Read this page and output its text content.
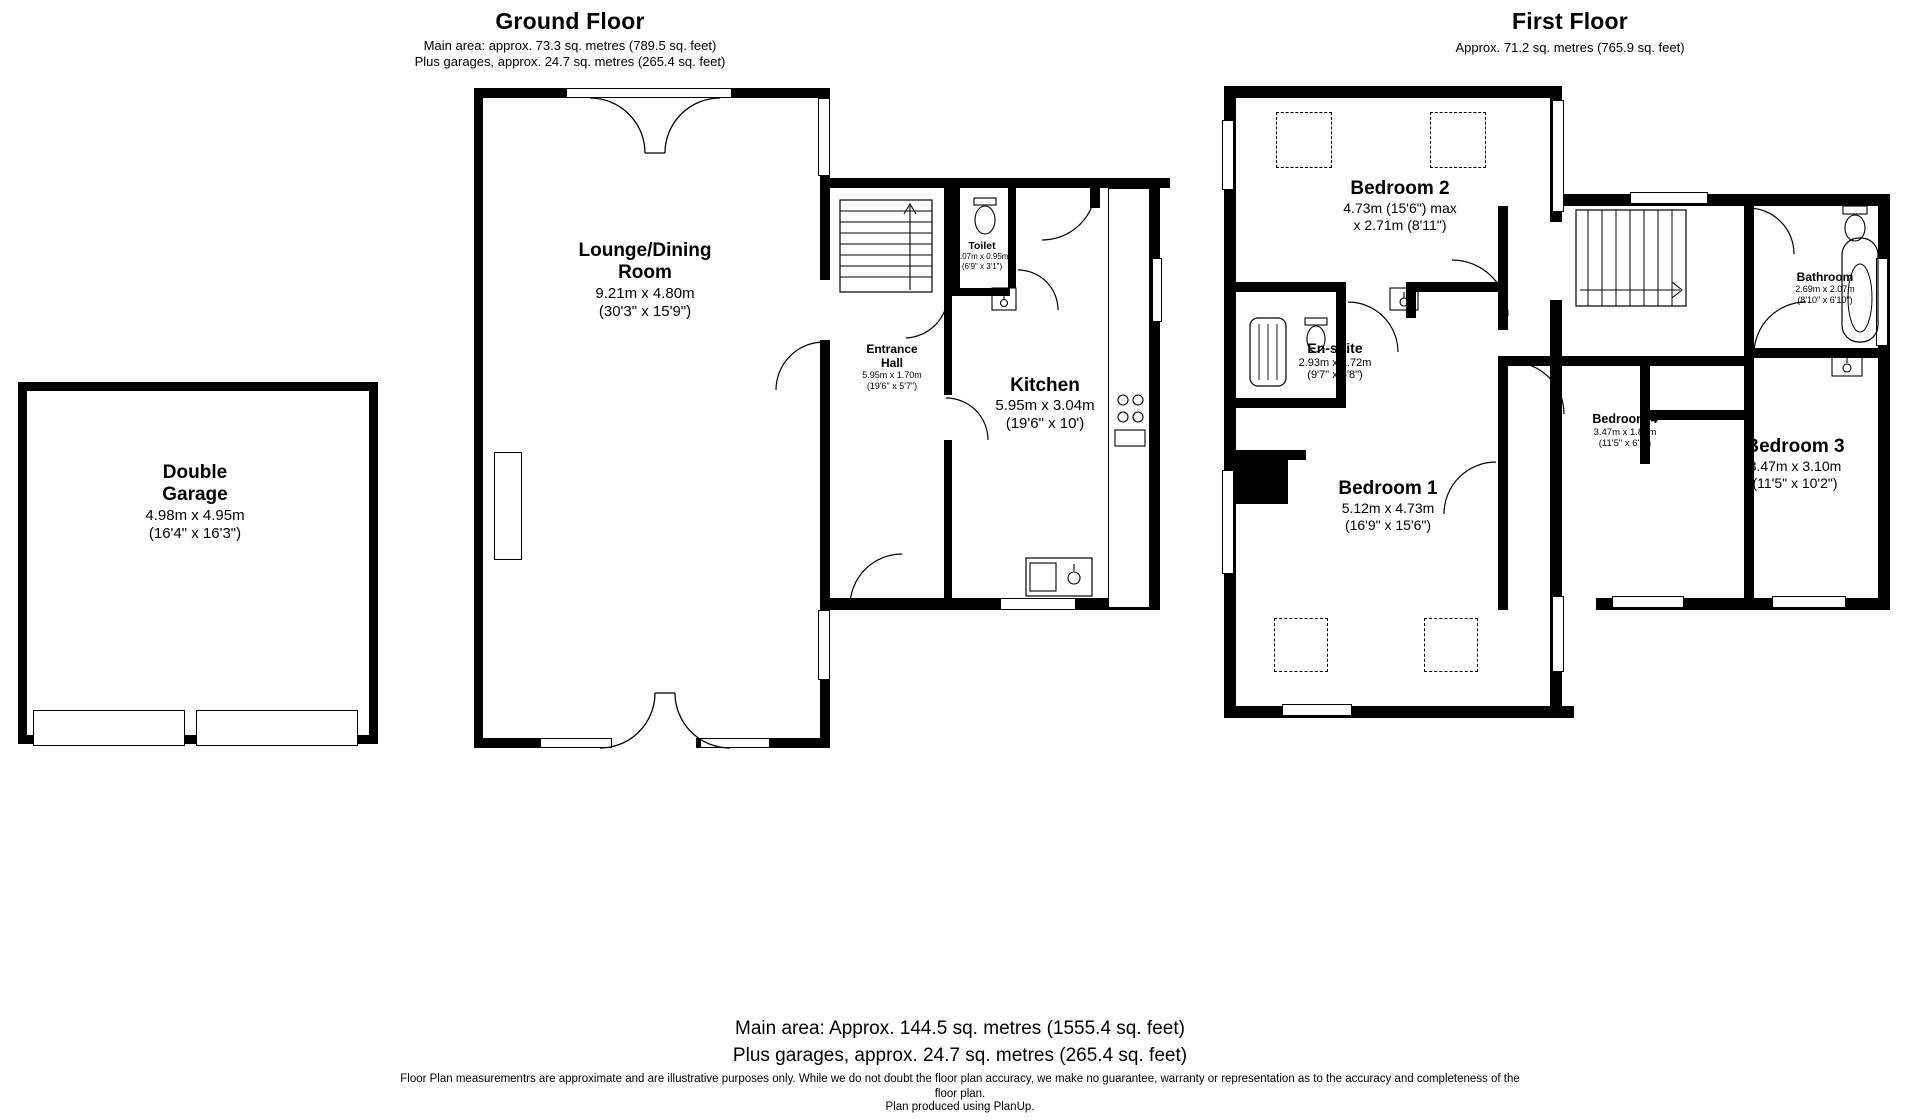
Ground Floor
Main area: approx. 73.3 sq. metres (789.5 sq. feet)
Plus garages, approx. 24.7 sq. metres (265.4 sq. feet)
First Floor
Approx. 71.2 sq. metres (765.9 sq. feet)
Double
Garage
4.98m x 4.95m
(16'4" x 16'3")
Lounge/Dining
Room
9.21m x 4.80m
(30'3" x 15'9")
Entrance
Hall
5.95m x 1.70m
(19'6" x 5'7")	Kitchen
5.95m x 3.04m
(19'6" x 10')
Toilet
2.07m x 0.95m
(6'9" x 3'1")
Bedroom 2
4.73m (15'6") max
x 2.71m (8'11")
Bathroom
2.69m x 2.07m
(8'10" x 6'10")
En-suite
2.93m x 1.72m
(9'7" x 5'8")
Bedroom 4
3.47m x 1.86m
(11'5" x 6'1")	Bedroom 3
3.47m x 3.10m
(11'5" x 10'2")
Bedroom 1
5.12m x 4.73m
(16'9" x 15'6")
Main area: Approx. 144.5 sq. metres (1555.4 sq. feet)
Plus garages, approx. 24.7 sq. metres (265.4 sq. feet)
Floor Plan measurementrs are approximate and are illustrative purposes only. While we do not doubt the floor plan accuracy, we make no guarantee, warranty or representation as to the accuracy and completeness of the
floor plan.
Plan produced using PlanUp.
